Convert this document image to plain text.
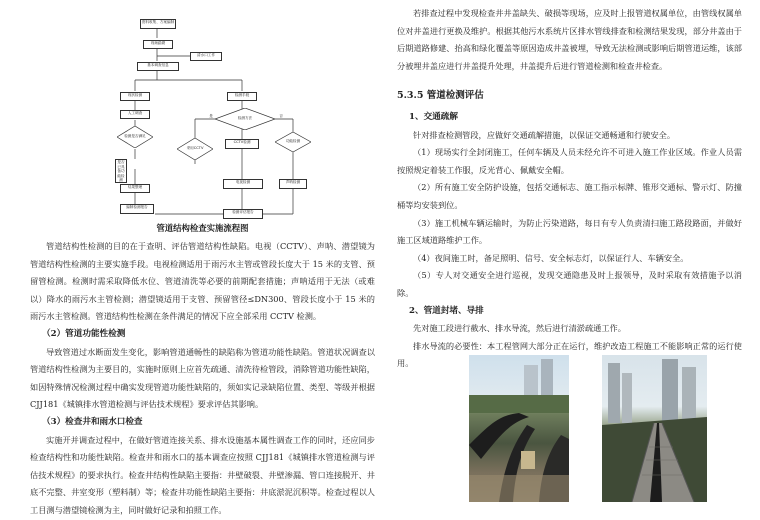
资料收集、方案编制
现场踏勘
清水口工作
基本调查信息
现状检测
人工调查
检测是否满足
是否已具备功能检测
结果整理
编制检测报告
检测手段
检测方法
采用CCTV
CCTV检测	功能检测
电视检测	声呐检测
检测评估报告
是	否
管道结构检查实施流程图

管道结构性检测的目的在于查明、评估管道结构性缺陷。电视（CCTV）、声呐、潜望镜为管道结构性检测的主要实施手段。电视检测适用于雨污水主管或管段长度大于 15 米的支管、预留管检测。检测时需采取降低水位、管道清洗等必要的前期配套措施；声呐适用于无法（或难以）降水的雨污水主管检测；潜望镜适用于支管、预留管径≤DN300、管段长度小于 15 米的雨污水主管检测。管道结构性检测在条件满足的情况下应全部采用 CCTV 检测。

（2）管道功能性检测

导致管道过水断面发生变化，影响管道通畅性的缺陷称为管道功能性缺陷。管道状况调查以管道结构性检测为主要目的，实施时原则上应首先疏通、清洗待检管段，消除管道功能性缺陷，如因特殊情况检测过程中确实发现管道功能性缺陷的，须如实记录缺陷位置、类型、等级并根据 CJJ181《城镇排水管道检测与评估技术规程》要求评估其影响。

（3）检查井和雨水口检查

实施开并调查过程中，在做好管道连接关系、排水设施基本属性调查工作的同时，还应同步检查结构性和功能性缺陷。检查井和雨水口的基本调查应按照 CJJ181《城镇排水管道检测与评估技术规程》的要求执行。检查井结构性缺陷主要指：井壁破裂、井壁渗漏、管口连接脱开、井底不完整、井室变形（塑料制）等；检查井功能性缺陷主要指：井底淤泥沉积等。检查过程以人工目测与潜望镜检测为主，同时做好记录和拍照工作。

若排查过程中发现检查井井盖缺失、破损等现场，应及时上报管道权属单位，由管线权属单位对井盖进行更换及维护。根据其他污水系统片区排水管线排查和检测结果发现，部分井盖由于后期道路修建、抬高和绿化覆盖等原因造成井盖被埋，导致无法检测或影响后期管道运维，该部分被埋井盖应进行井盖提升处理，井盖提升后进行管道检测和检查井检查。

5.3.5 管道检测评估

1、交通疏解

针对排查检测管段，应做好交通疏解措施，以保证交通畅通和行驶安全。

（1）现场实行全封闭施工，任何车辆及人员未经允许不可进入施工作业区域。作业人员需按照规定着装工作服，反光背心、佩戴安全帽。

（2）所有施工安全防护设施，包括交通标志、施工指示标牌、锥形交通标、警示灯、防撞桶等均安装到位。

（3）施工机械车辆运输时，为防止污染道路，每日有专人负责清扫施工路段路面，并做好施工区域道路维护工作。

（4）夜间施工时，备足照明、信号、安全标志灯，以保证行人、车辆安全。

（5）专人对交通安全进行巡视，发现交通隐患及时上报领导，及时采取有效措施予以消除。

2、管道封堵、导排

先对施工段进行截水、排水导流，然后进行清淤疏通工作。

排水导流的必要性：本工程管网大部分正在运行，维护改造工程施工不能影响正常的运行使用。
